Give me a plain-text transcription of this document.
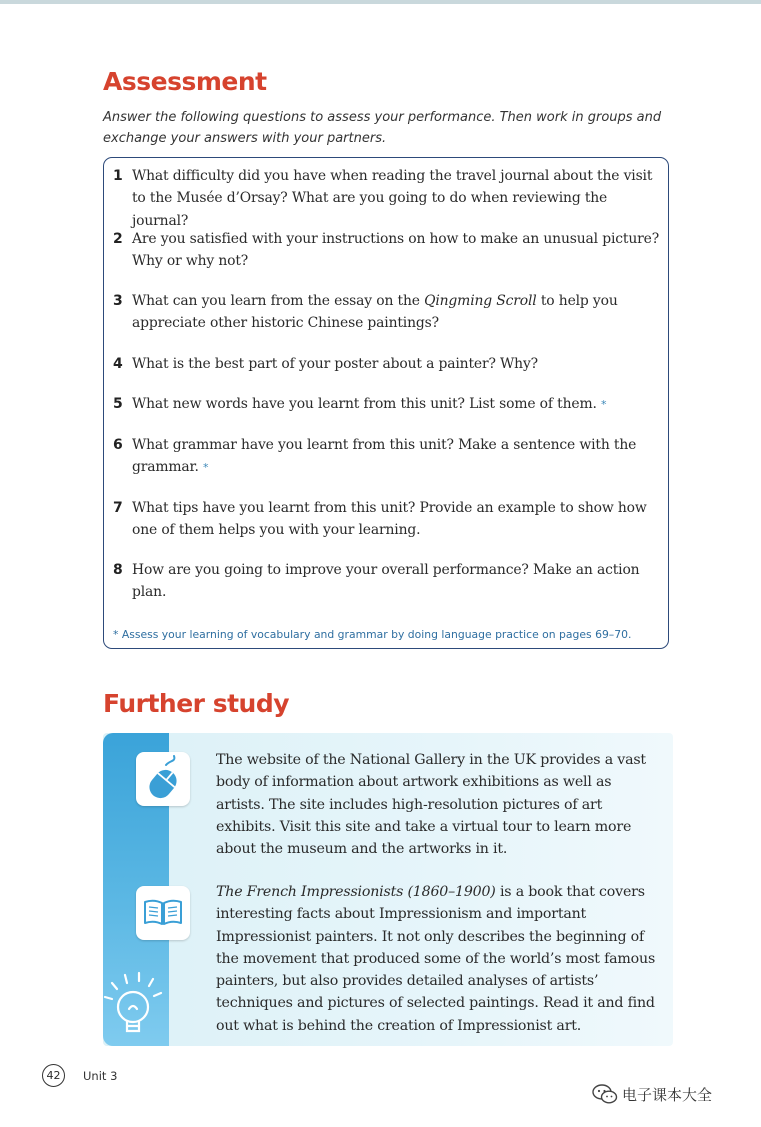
Assessment

Answer the following questions to assess your performance. Then work in groups and exchange your answers with your partners.

1 What difficulty did you have when reading the travel journal about the visit to the Musée d’Orsay? What are you going to do when reviewing the journal?
2 Are you satisfied with your instructions on how to make an unusual picture? Why or why not?
3 What can you learn from the essay on the Qingming Scroll to help you appreciate other historic Chinese paintings?
4 What is the best part of your poster about a painter? Why?
5 What new words have you learnt from this unit? List some of them. *
6 What grammar have you learnt from this unit? Make a sentence with the grammar. *
7 What tips have you learnt from this unit? Provide an example to show how one of them helps you with your learning.
8 How are you going to improve your overall performance? Make an action plan.
* Assess your learning of vocabulary and grammar by doing language practice on pages 69–70.
Further study

The website of the National Gallery in the UK provides a vast body of information about artwork exhibitions as well as artists. The site includes high-resolution pictures of art exhibits. Visit this site and take a virtual tour to learn more about the museum and the artworks in it.

The French Impressionists (1860–1900) is a book that covers interesting facts about Impressionism and important Impressionist painters. It not only describes the beginning of the movement that produced some of the world’s most famous painters, but also provides detailed analyses of artists’ techniques and pictures of selected paintings. Read it and find out what is behind the creation of Impressionist art.

42	Unit 3
电子课本大全
